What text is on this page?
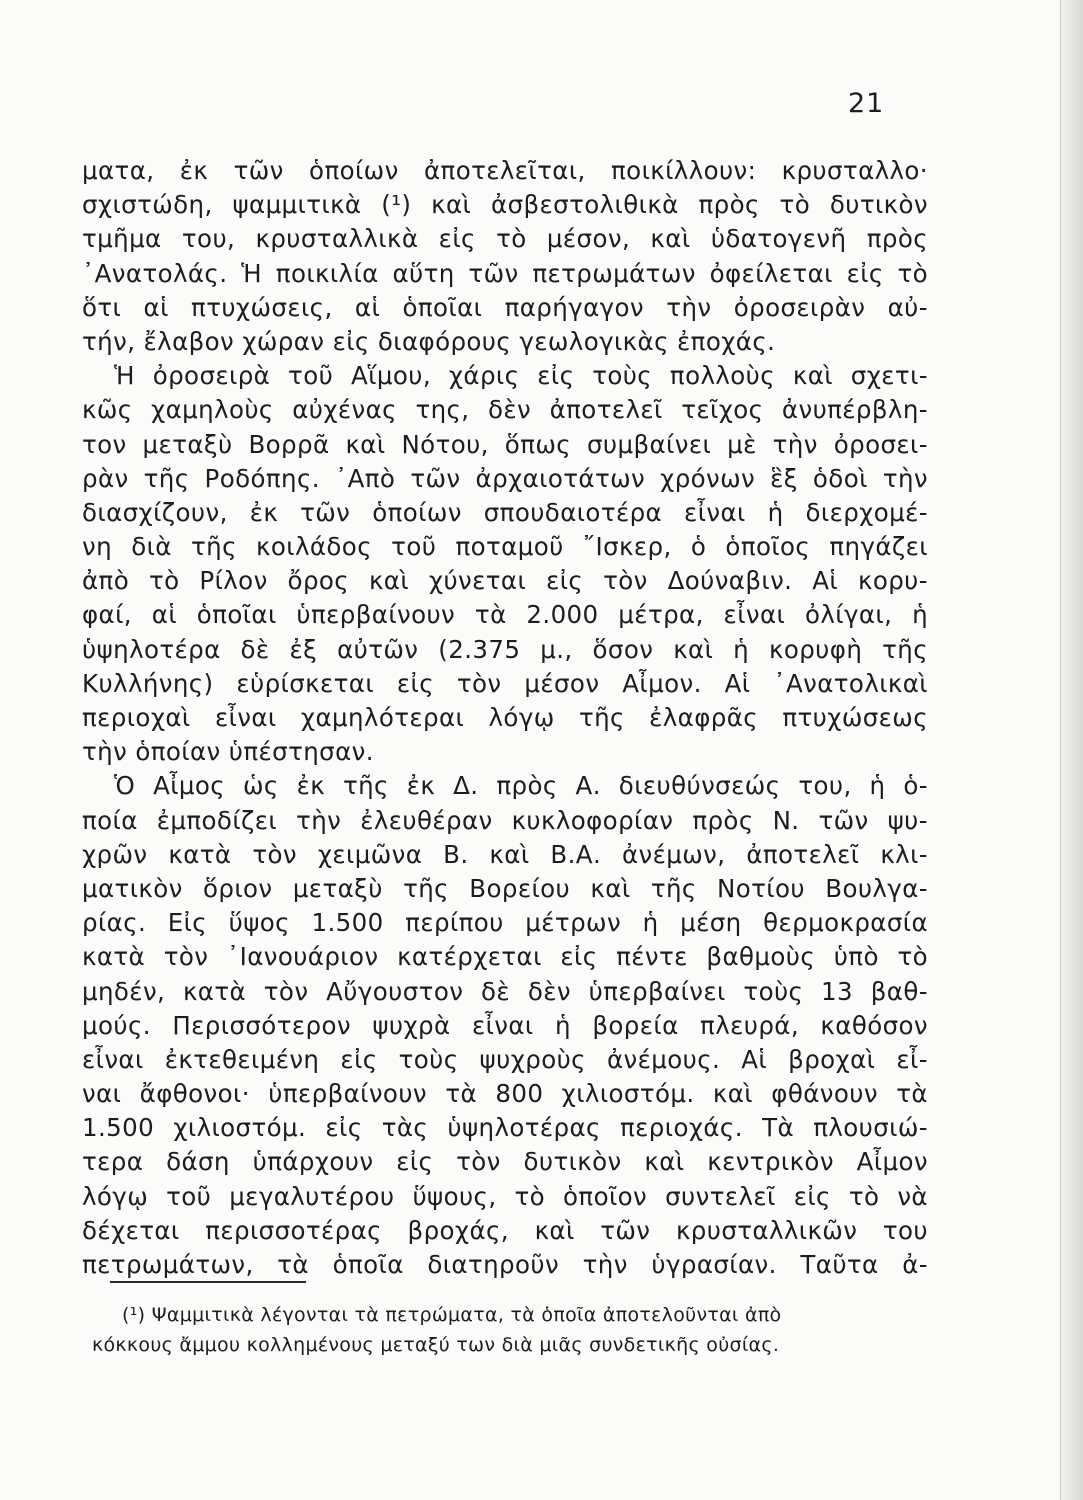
21
ματα, ἐκ τῶν ὁποίων ἀποτελεῖται, ποικίλλουν: κρυσταλλο·
σχιστώδη, ψαμμιτικὰ (¹) καὶ ἀσβεστολιθικὰ πρὸς τὸ δυτικὸν
τμῆμα του, κρυσταλλικὰ εἰς τὸ μέσον, καὶ ὑδατογενῆ πρὸς
᾽Ανατολάς. Ἡ ποικιλία αὕτη τῶν πετρωμάτων ὀφείλεται εἰς τὸ
ὅτι αἱ πτυχώσεις, αἱ ὁποῖαι παρήγαγον τὴν ὀροσειρὰν αὐ-
τήν, ἔλαβον χώραν εἰς διαφόρους γεωλογικὰς ἐποχάς.
Ἡ ὀροσειρὰ τοῦ Αἵμου, χάρις εἰς τοὺς πολλοὺς καὶ σχετι-
κῶς χαμηλοὺς αὐχένας της, δὲν ἀποτελεῖ τεῖχος ἀνυπέρβλη-
τον μεταξὺ Βορρᾶ καὶ Νότου, ὅπως συμβαίνει μὲ τὴν ὀροσει-
ρὰν τῆς Ροδόπης. ᾽Απὸ τῶν ἀρχαιοτάτων χρόνων ἓξ ὁδοὶ τὴν
διασχίζουν, ἐκ τῶν ὁποίων σπουδαιοτέρα εἶναι ἡ διερχομέ-
νη διὰ τῆς κοιλάδος τοῦ ποταμοῦ ῎Ισκερ, ὁ ὁποῖος πηγάζει
ἀπὸ τὸ Ρίλον ὄρος καὶ χύνεται εἰς τὸν Δούναβιν. Αἱ κορυ-
φαί, αἱ ὁποῖαι ὑπερβαίνουν τὰ 2.000 μέτρα, εἶναι ὀλίγαι, ἡ
ὑψηλοτέρα δὲ ἐξ αὐτῶν (2.375 μ., ὅσον καὶ ἡ κορυφὴ τῆς
Κυλλήνης) εὑρίσκεται εἰς τὸν μέσον Αἶμον. Αἱ ᾽Ανατολικαὶ
περιοχαὶ εἶναι χαμηλότεραι λόγῳ τῆς ἐλαφρᾶς πτυχώσεως
τὴν ὁποίαν ὑπέστησαν.
Ὁ Αἶμος ὡς ἐκ τῆς ἐκ Δ. πρὸς Α. διευθύνσεώς του, ἡ ὁ-
ποία ἐμποδίζει τὴν ἐλευθέραν κυκλοφορίαν πρὸς Ν. τῶν ψυ-
χρῶν κατὰ τὸν χειμῶνα Β. καὶ Β.Α. ἀνέμων, ἀποτελεῖ κλι-
ματικὸν ὅριον μεταξὺ τῆς Βορείου καὶ τῆς Νοτίου Βουλγα-
ρίας. Εἰς ὕψος 1.500 περίπου μέτρων ἡ μέση θερμοκρασία
κατὰ τὸν ᾽Ιανουάριον κατέρχεται εἰς πέντε βαθμοὺς ὑπὸ τὸ
μηδέν, κατὰ τὸν Αὔγουστον δὲ δὲν ὑπερβαίνει τοὺς 13 βαθ-
μούς. Περισσότερον ψυχρὰ εἶναι ἡ βορεία πλευρά, καθόσον
εἶναι ἐκτεθειμένη εἰς τοὺς ψυχροὺς ἀνέμους. Αἱ βροχαὶ εἶ-
ναι ἄφθονοι· ὑπερβαίνουν τὰ 800 χιλιοστόμ. καὶ φθάνουν τὰ
1.500 χιλιοστόμ. εἰς τὰς ὑψηλοτέρας περιοχάς. Τὰ πλουσιώ-
τερα δάση ὑπάρχουν εἰς τὸν δυτικὸν καὶ κεντρικὸν Αἶμον
λόγῳ τοῦ μεγαλυτέρου ὕψους, τὸ ὁποῖον συντελεῖ εἰς τὸ νὰ
δέχεται περισσοτέρας βροχάς, καὶ τῶν κρυσταλλικῶν του
πετρωμάτων, τὰ ὁποῖα διατηροῦν τὴν ὑγρασίαν. Ταῦτα ἀ-
(¹) Ψαμμιτικὰ λέγονται τὰ πετρώματα, τὰ ὁποῖα ἀποτελοῦνται ἀπὸ
κόκκους ἄμμου κολλημένους μεταξύ των διὰ μιᾶς συνδετικῆς οὐσίας.
